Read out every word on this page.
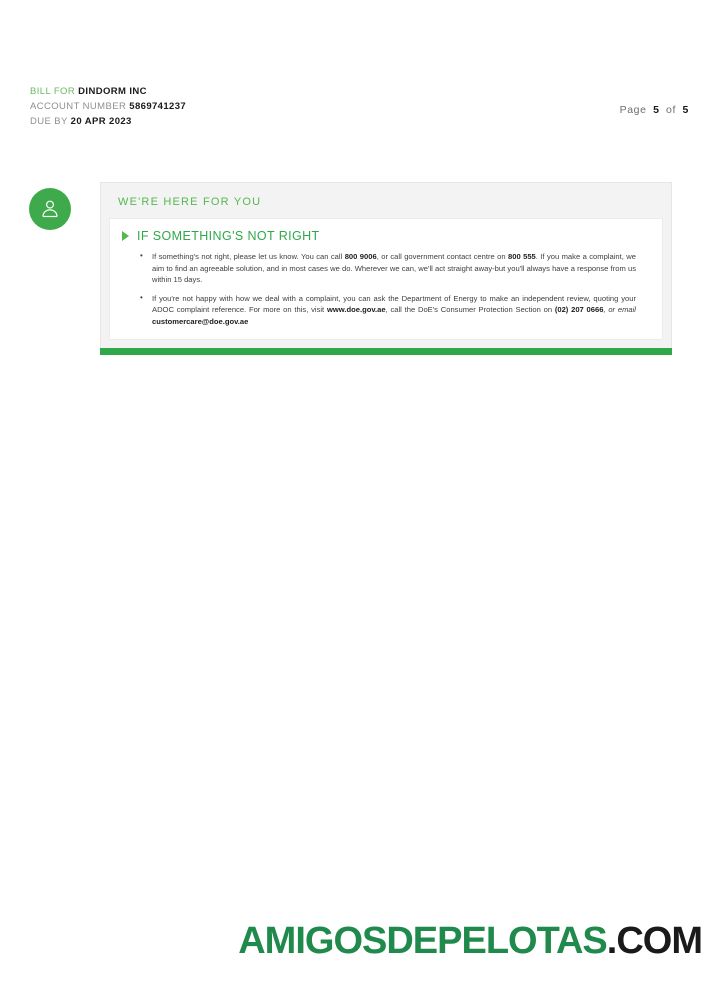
BILL FOR DINDORM INC
ACCOUNT NUMBER 5869741237
DUE BY 20 APR 2023
Page 5 of 5
WE'RE HERE FOR YOU
IF SOMETHING'S NOT RIGHT
• If something's not right, please let us know. You can call 800 9006, or call government contact centre on 800 555. If you make a complaint, we aim to find an agreeable solution, and in most cases we do. Wherever we can, we'll act straight away-but you'll always have a response from us within 15 days.
• If you're not happy with how we deal with a complaint, you can ask the Department of Energy to make an independent review, quoting your ADOC complaint reference. For more on this, visit www.doe.gov.ae, call the DoE's Consumer Protection Section on (02) 207 0666, or email customercare@doe.gov.ae
AMIGOSDEPELOTAS.COM
